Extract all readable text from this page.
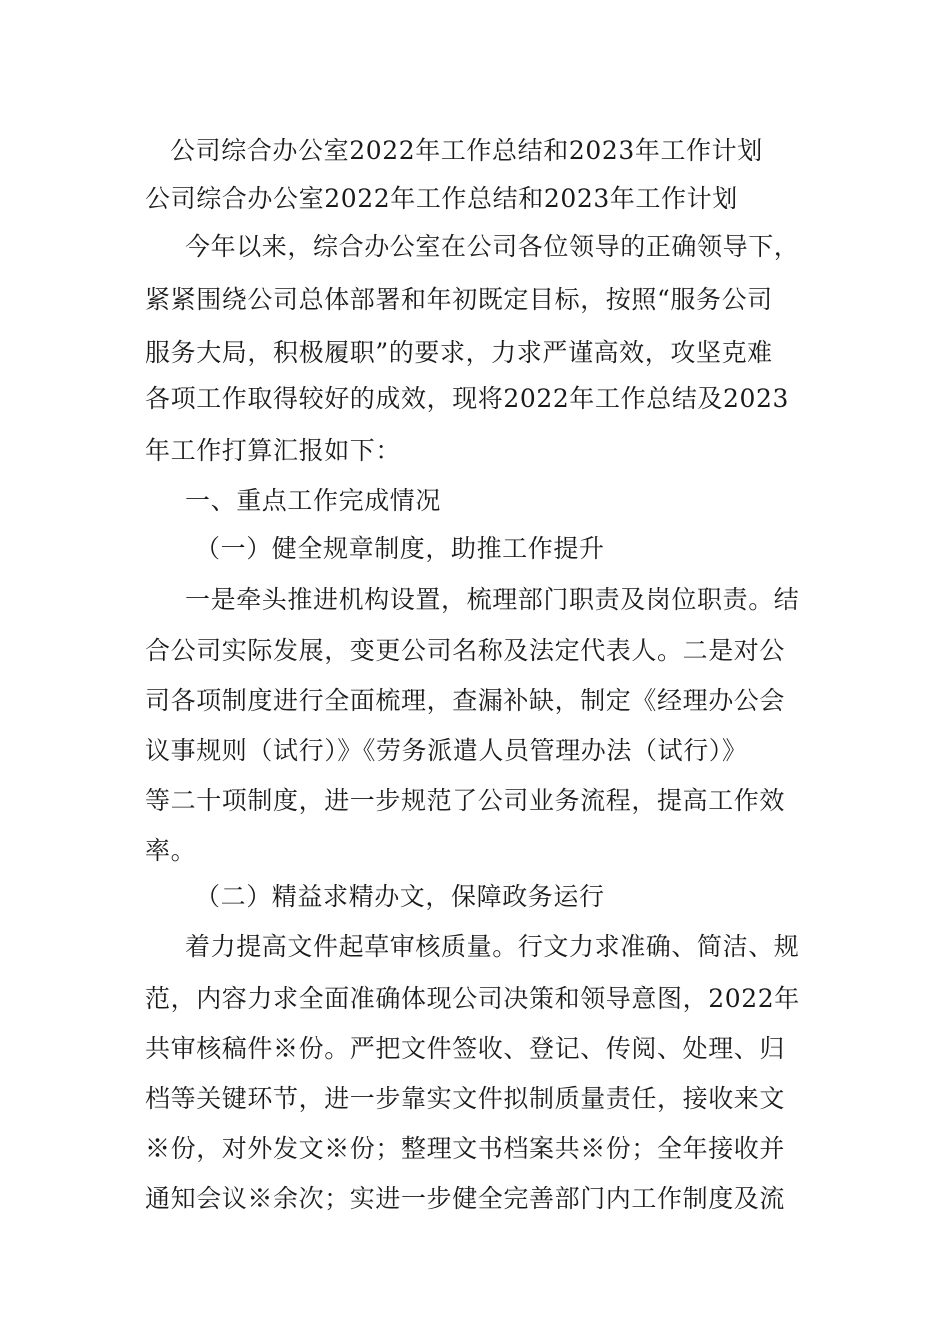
公司综合办公室2022年工作总结和2023年工作计划
公司综合办公室2022年工作总结和2023年工作计划
今年以来，综合办公室在公司各位领导的正确领导下，
紧紧围绕公司总体部署和年初既定目标，按照“服务公司
服务大局，积极履职”的要求，力求严谨高效，攻坚克难
各项工作取得较好的成效，现将2022年工作总结及2023
年工作打算汇报如下：
一、重点工作完成情况
（一）健全规章制度，助推工作提升
一是牵头推进机构设置，梳理部门职责及岗位职责。结
合公司实际发展，变更公司名称及法定代表人。二是对公
司各项制度进行全面梳理，查漏补缺，制定《经理办公会
议事规则（试行）》《劳务派遣人员管理办法（试行）》
等二十项制度，进一步规范了公司业务流程，提高工作效
率。
（二）精益求精办文，保障政务运行
着力提高文件起草审核质量。行文力求准确、简洁、规
范，内容力求全面准确体现公司决策和领导意图，2022年
共审核稿件※份。严把文件签收、登记、传阅、处理、归
档等关键环节，进一步靠实文件拟制质量责任，接收来文
※份，对外发文※份；整理文书档案共※份；全年接收并
通知会议※余次；实进一步健全完善部门内工作制度及流
